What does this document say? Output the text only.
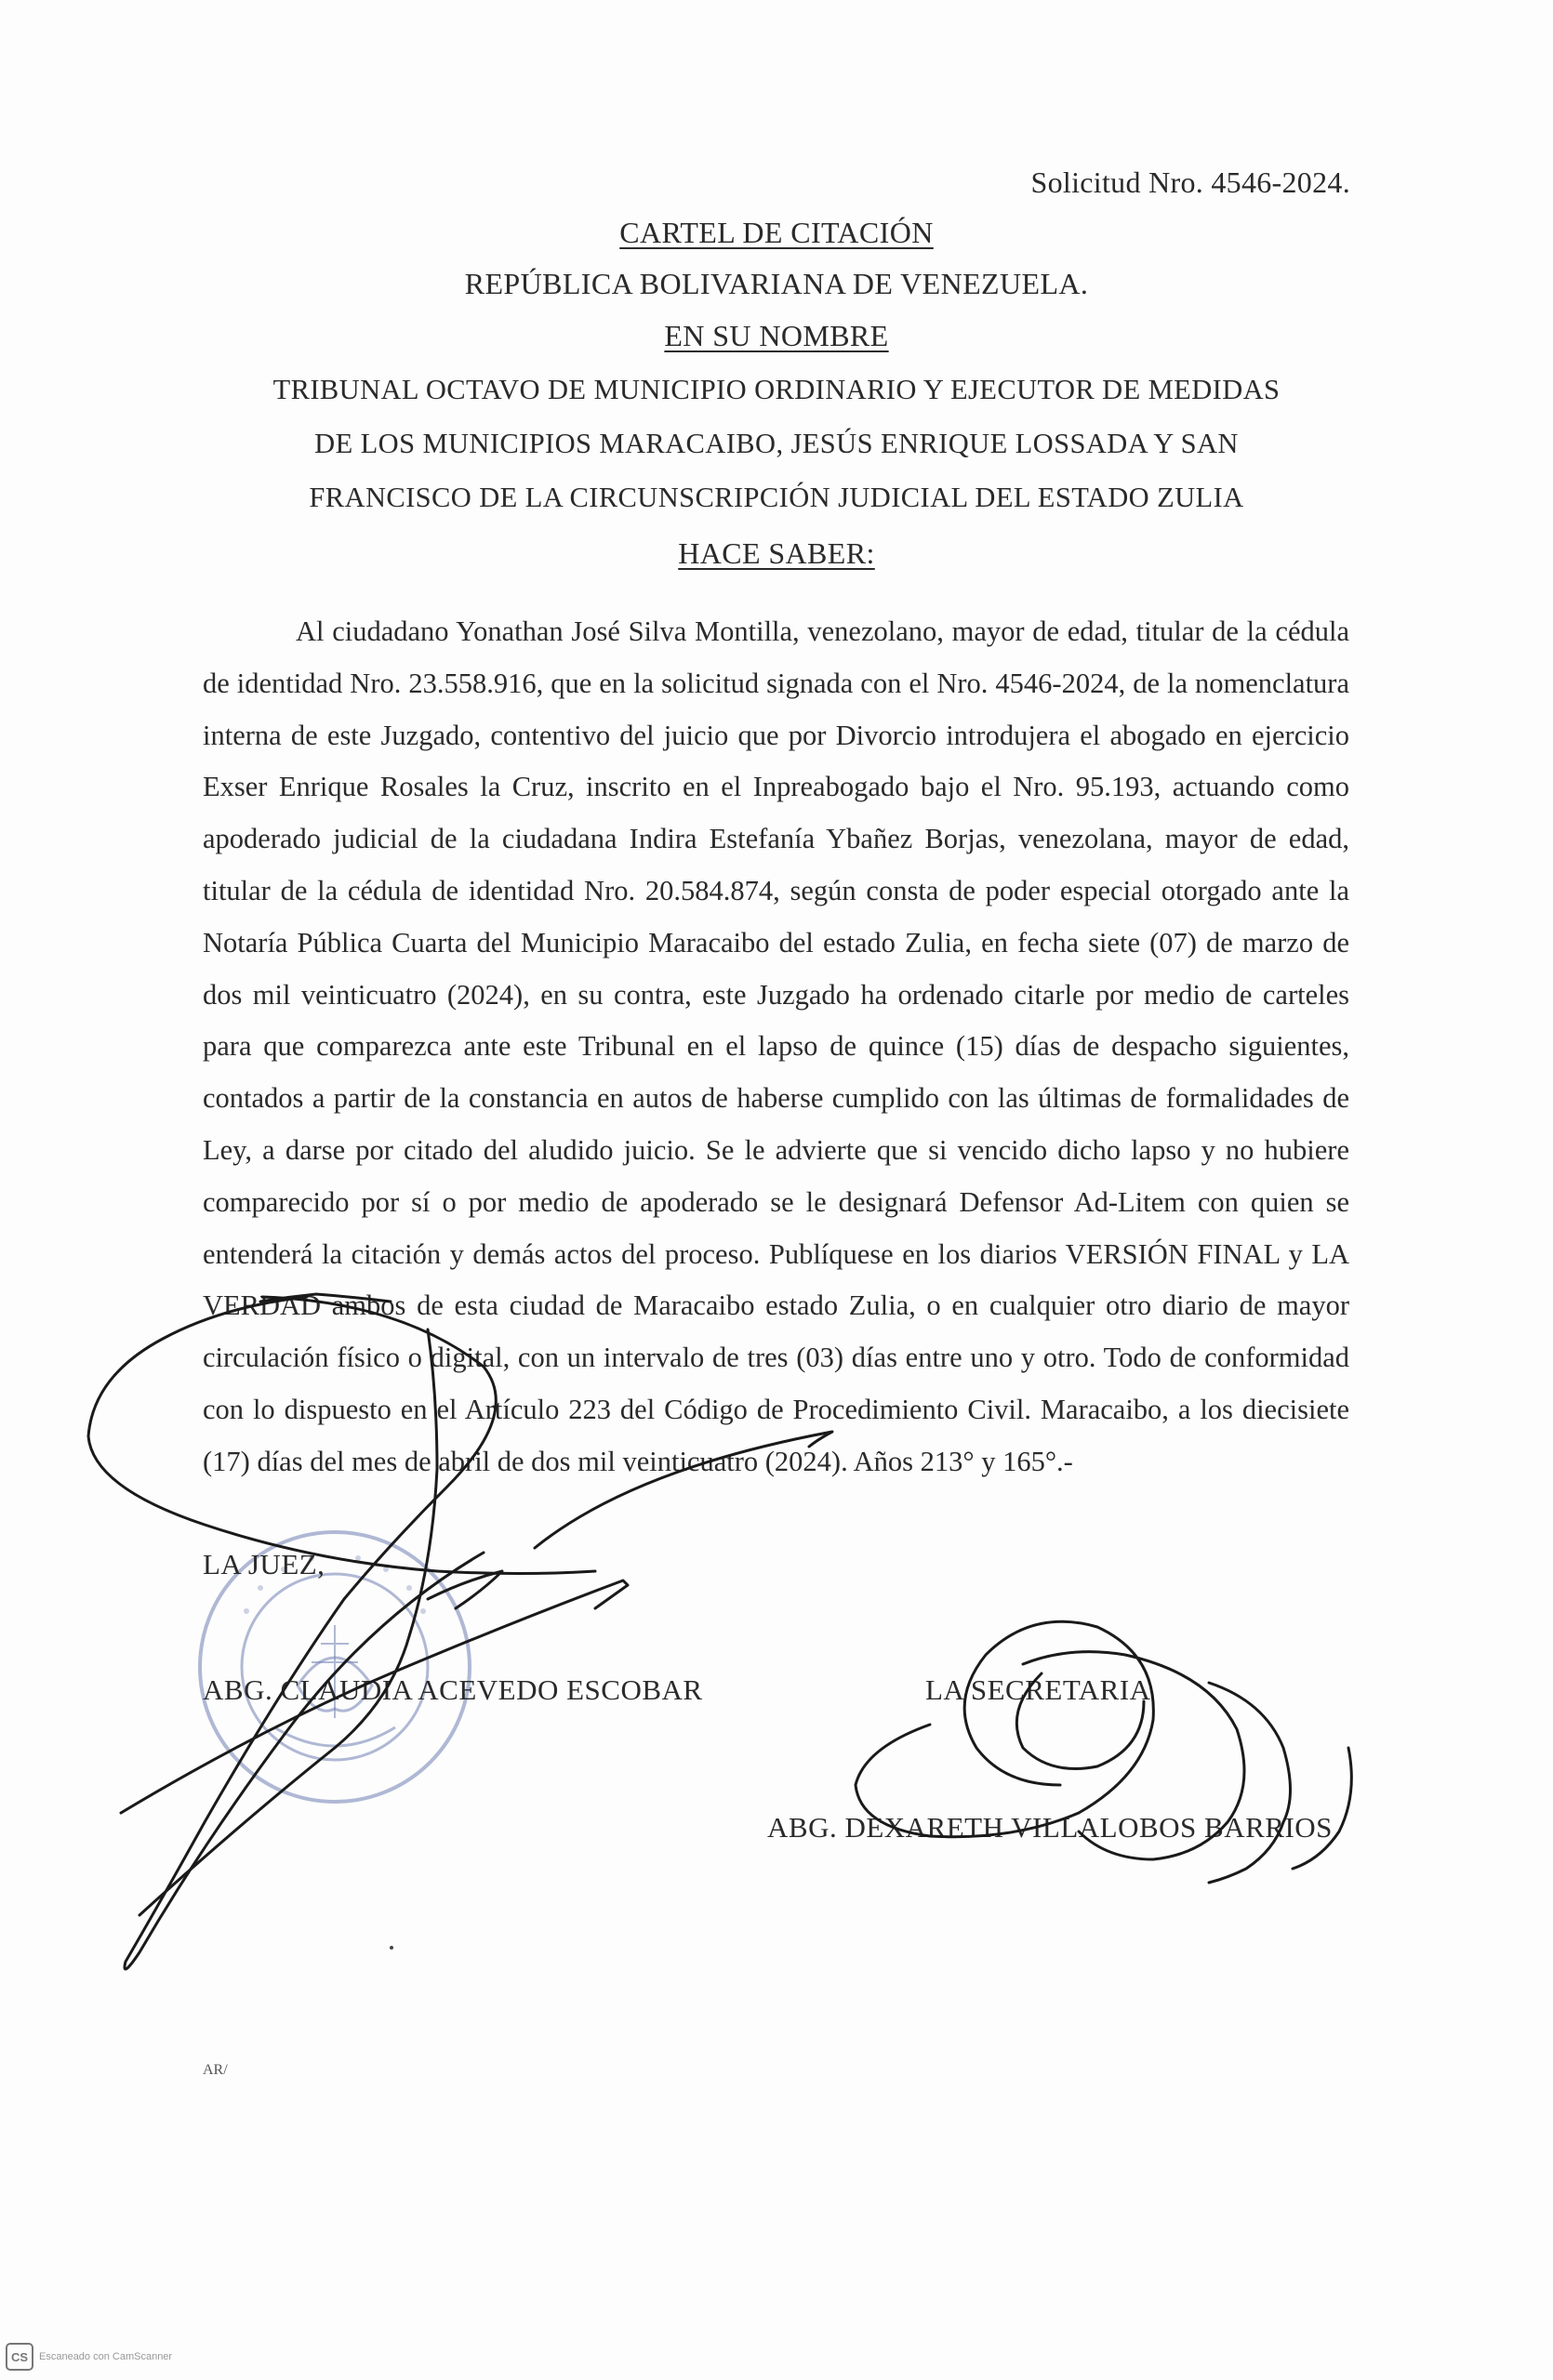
Solicitud Nro. 4546-2024.
CARTEL DE CITACIÓN
REPÚBLICA BOLIVARIANA DE VENEZUELA.
EN SU NOMBRE
TRIBUNAL OCTAVO DE MUNICIPIO ORDINARIO Y EJECUTOR DE MEDIDAS
DE LOS MUNICIPIOS MARACAIBO, JESÚS ENRIQUE LOSSADA Y SAN
FRANCISCO DE LA CIRCUNSCRIPCIÓN JUDICIAL DEL ESTADO ZULIA
HACE SABER:

Al ciudadano Yonathan José Silva Montilla, venezolano, mayor de edad, titular de la cédula de identidad Nro. 23.558.916, que en la solicitud signada con el Nro. 4546-2024, de la nomenclatura interna de este Juzgado, contentivo del juicio que por Divorcio introdujera el abogado en ejercicio Exser Enrique Rosales la Cruz, inscrito en el Inpreabogado bajo el Nro. 95.193, actuando como apoderado judicial de la ciudadana Indira Estefanía Ybañez Borjas, venezolana, mayor de edad, titular de la cédula de identidad Nro. 20.584.874, según consta de poder especial otorgado ante la Notaría Pública Cuarta del Municipio Maracaibo del estado Zulia, en fecha siete (07) de marzo de dos mil veinticuatro (2024), en su contra, este Juzgado ha ordenado citarle por medio de carteles para que comparezca ante este Tribunal en el lapso de quince (15) días de despacho siguientes, contados a partir de la constancia en autos de haberse cumplido con las últimas de formalidades de Ley, a darse por citado del aludido juicio. Se le advierte que si vencido dicho lapso y no hubiere comparecido por sí o por medio de apoderado se le designará Defensor Ad-Litem con quien se entenderá la citación y demás actos del proceso. Publíquese en los diarios VERSIÓN FINAL y LA VERDAD ambos de esta ciudad de Maracaibo estado Zulia, o en cualquier otro diario de mayor circulación físico o digital, con un intervalo de tres (03) días entre uno y otro. Todo de conformidad con lo dispuesto en el Artículo 223 del Código de Procedimiento Civil. Maracaibo, a los diecisiete (17) días del mes de abril de dos mil veinticuatro (2024). Años 213° y 165°.-

LA JUEZ,
ABG. CLAUDIA ACEVEDO ESCOBAR	LA SECRETARIA
ABG. DEXARETH VILLALOBOS BARRIOS
AR/
CS	Escaneado con CamScanner
